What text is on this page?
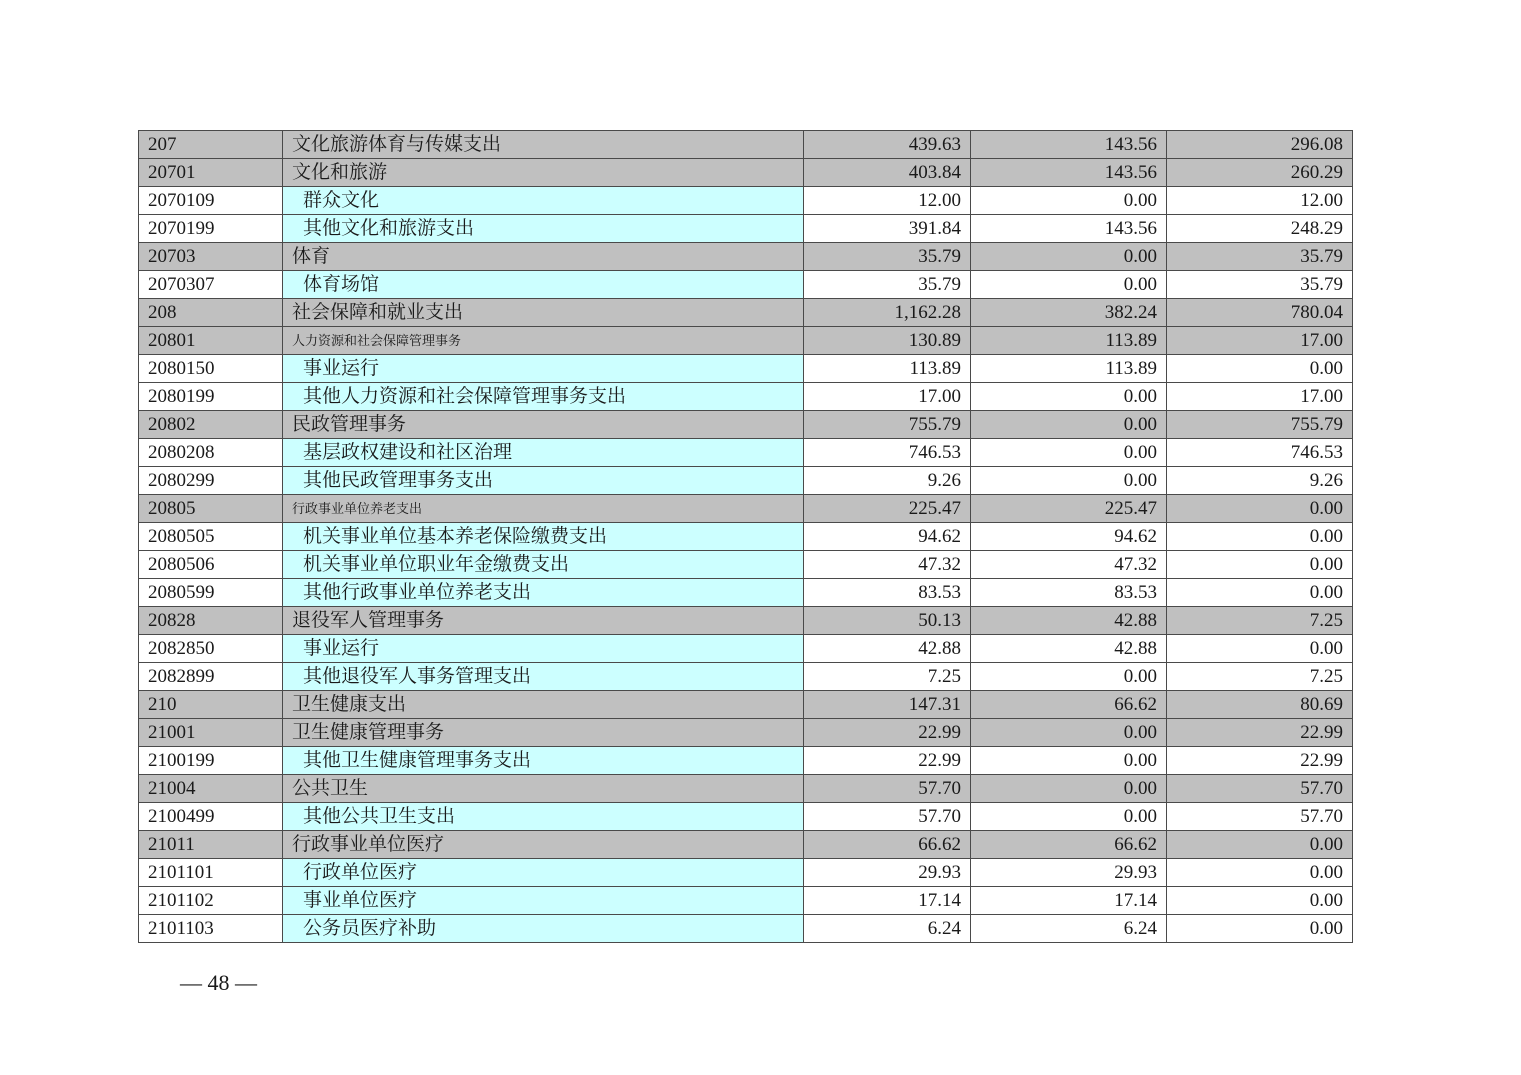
207	文化旅游体育与传媒支出	439.63	143.56	296.08
20701	文化和旅游	403.84	143.56	260.29
2070109	群众文化	12.00	0.00	12.00
2070199	其他文化和旅游支出	391.84	143.56	248.29
20703	体育	35.79	0.00	35.79
2070307	体育场馆	35.79	0.00	35.79
208	社会保障和就业支出	1,162.28	382.24	780.04
20801	人力资源和社会保障管理事务	130.89	113.89	17.00
2080150	事业运行	113.89	113.89	0.00
2080199	其他人力资源和社会保障管理事务支出	17.00	0.00	17.00
20802	民政管理事务	755.79	0.00	755.79
2080208	基层政权建设和社区治理	746.53	0.00	746.53
2080299	其他民政管理事务支出	9.26	0.00	9.26
20805	行政事业单位养老支出	225.47	225.47	0.00
2080505	机关事业单位基本养老保险缴费支出	94.62	94.62	0.00
2080506	机关事业单位职业年金缴费支出	47.32	47.32	0.00
2080599	其他行政事业单位养老支出	83.53	83.53	0.00
20828	退役军人管理事务	50.13	42.88	7.25
2082850	事业运行	42.88	42.88	0.00
2082899	其他退役军人事务管理支出	7.25	0.00	7.25
210	卫生健康支出	147.31	66.62	80.69
21001	卫生健康管理事务	22.99	0.00	22.99
2100199	其他卫生健康管理事务支出	22.99	0.00	22.99
21004	公共卫生	57.70	0.00	57.70
2100499	其他公共卫生支出	57.70	0.00	57.70
21011	行政事业单位医疗	66.62	66.62	0.00
2101101	行政单位医疗	29.93	29.93	0.00
2101102	事业单位医疗	17.14	17.14	0.00
2101103	公务员医疗补助	6.24	6.24	0.00
— 48 —
